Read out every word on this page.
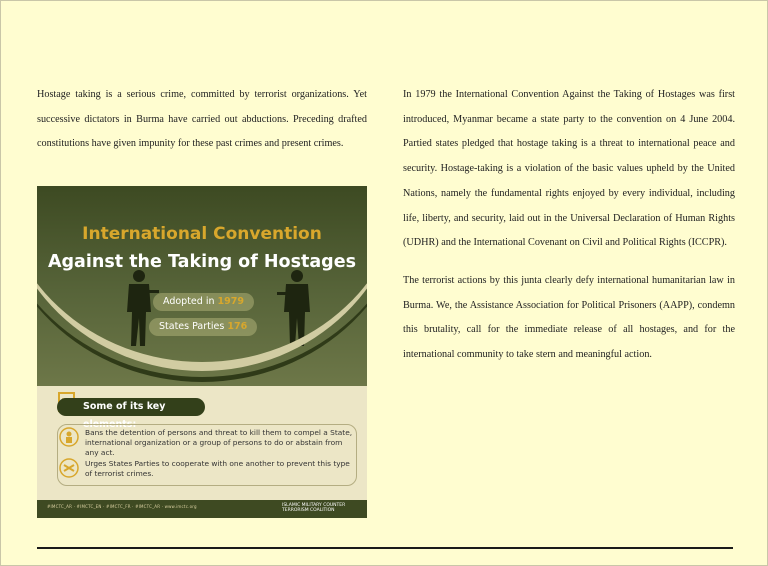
Hostage taking is a serious crime, committed by terrorist organizations. Yet successive dictators in Burma have carried out abductions. Preceding drafted constitutions have given impunity for these past crimes and present crimes.

In 1979 the International Convention Against the Taking of Hostages was first introduced, Myanmar became a state party to the convention on 4 June 2004. Partied states pledged that hostage taking is a threat to international peace and security. Hostage-taking is a violation of the basic values upheld by the United Nations, namely the fundamental rights enjoyed by every individual, including life, liberty, and security, laid out in the Universal Declaration of Human Rights (UDHR) and the International Covenant on Civil and Political Rights (ICCPR).

The terrorist actions by this junta clearly defy international humanitarian law in Burma. We, the Assistance Association for Political Prisoners (AAPP), condemn this brutality, call for the immediate release of all hostages, and for the international community to take stern and meaningful action.

International Convention
Against the Taking of Hostages
Adopted in 1979
States Parties 176
Some of its key elements:
Bans the detention of persons and threat to kill them to compel a State, international organization or a group of persons to do or abstain from any act.
Urges States Parties to cooperate with one another to prevent this type of terrorist crimes.
#IMCTC_AR · #IMCTC_EN · #IMCTC_FR · #IMCTC_AR · www.imctc.org	ISLAMIC MILITARY COUNTER TERRORISM COALITION
